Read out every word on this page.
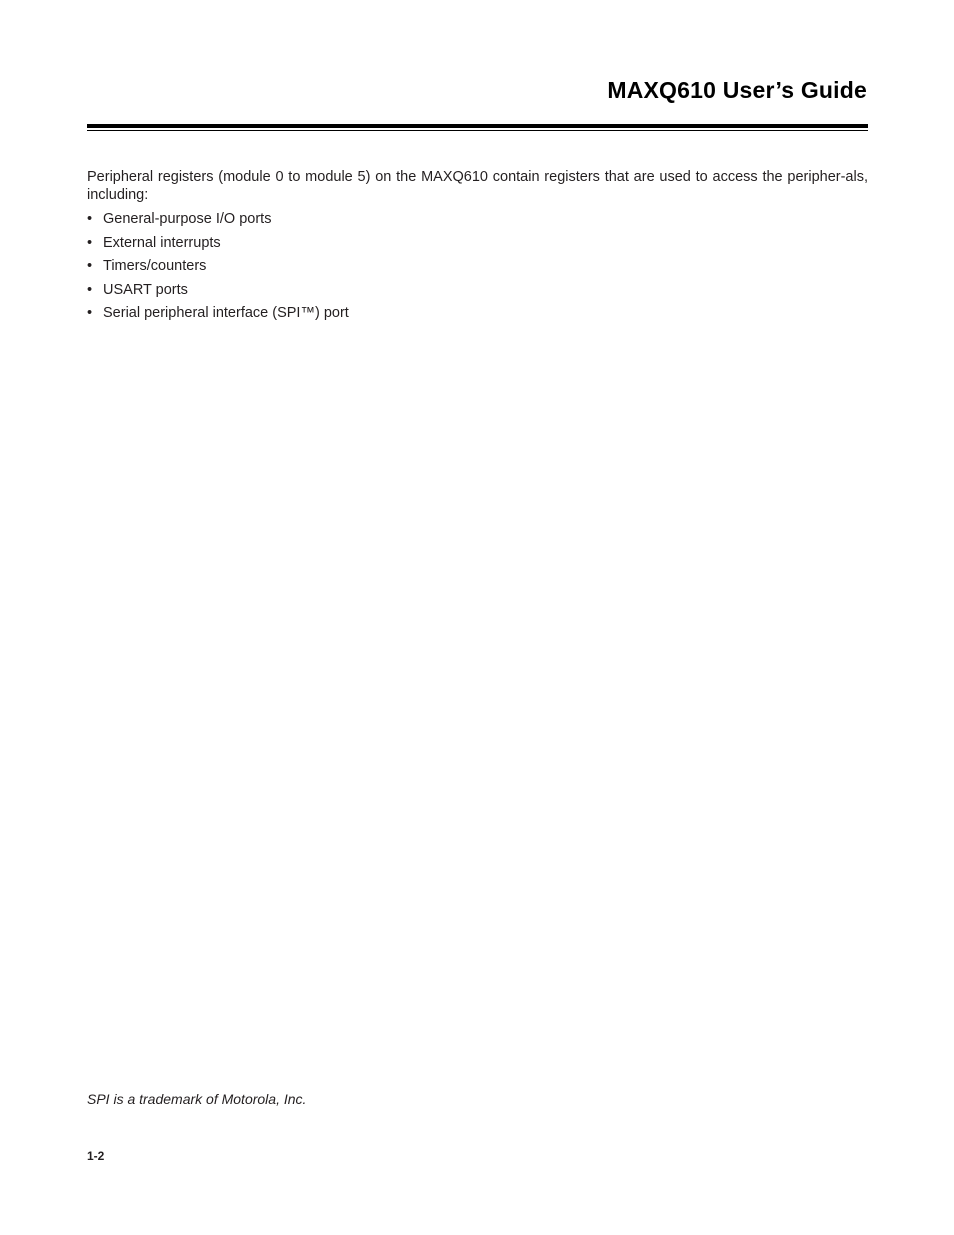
MAXQ610 User’s Guide

Peripheral registers (module 0 to module 5) on the MAXQ610 contain registers that are used to access the peripher-als, including:

• General-purpose I/O ports
• External interrupts
• Timers/counters
• USART ports
• Serial peripheral interface (SPI™) port

SPI is a trademark of Motorola, Inc.

1-2
